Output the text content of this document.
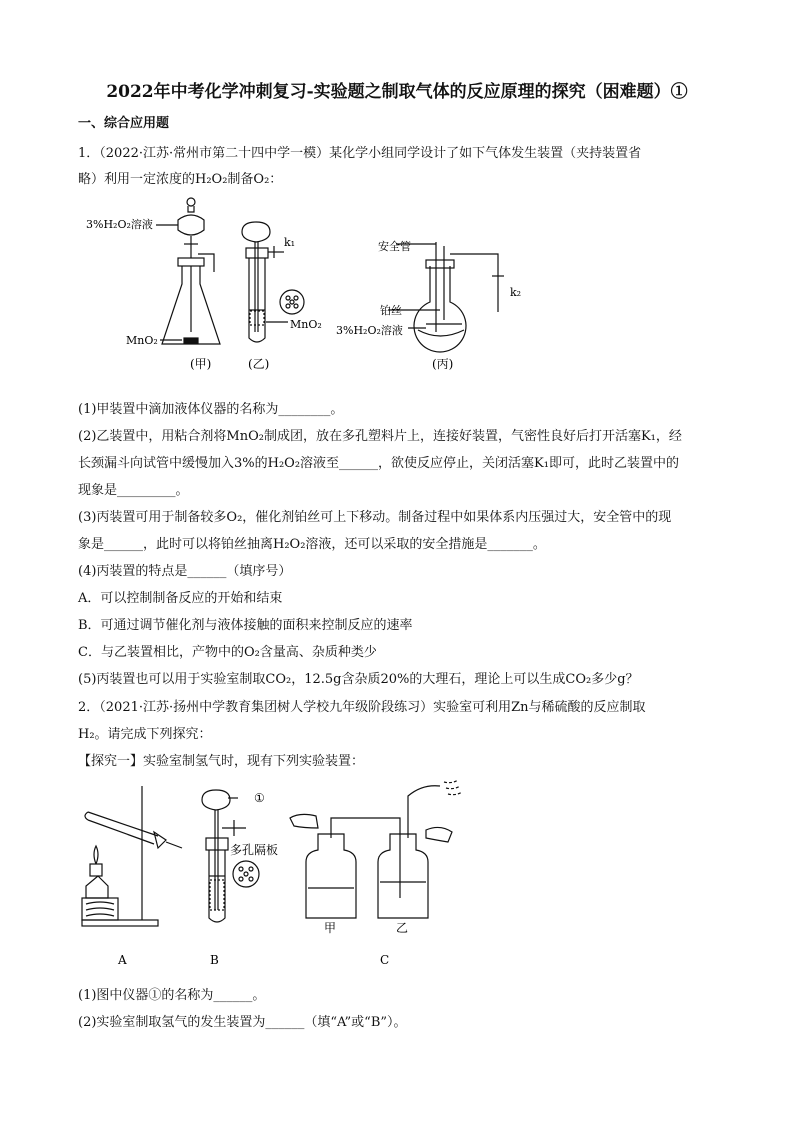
2022年中考化学冲刺复习-实验题之制取气体的反应原理的探究（困难题）①
一、综合应用题
1．（2022·江苏·常州市第二十四中学一模）某化学小组同学设计了如下气体发生装置（夹持装置省
略）利用一定浓度的H₂O₂制备O₂：
3%H₂O₂溶液
MnO₂
(甲)
k₁
MnO₂
(乙)
安全管
铂丝
3%H₂O₂溶液
k₂
(丙)
(1)甲装置中滴加液体仪器的名称为________。
(2)乙装置中，用粘合剂将MnO₂制成团，放在多孔塑料片上，连接好装置，气密性良好后打开活塞K₁，经
长颈漏斗向试管中缓慢加入3%的H₂O₂溶液至______，欲使反应停止，关闭活塞K₁即可，此时乙装置中的
现象是_________。
(3)丙装置可用于制备较多O₂，催化剂铂丝可上下移动。制备过程中如果体系内压强过大，安全管中的现
象是______，此时可以将铂丝抽离H₂O₂溶液，还可以采取的安全措施是_______。
(4)丙装置的特点是______（填序号）
A．可以控制制备反应的开始和结束
B．可通过调节催化剂与液体接触的面积来控制反应的速率
C．与乙装置相比，产物中的O₂含量高、杂质种类少
(5)丙装置也可以用于实验室制取CO₂，12.5g含杂质20%的大理石，理论上可以生成CO₂多少g？
2．（2021·江苏·扬州中学教育集团树人学校九年级阶段练习）实验室可利用Zn与稀硫酸的反应制取
H₂。请完成下列探究：
【探究一】实验室制氢气时，现有下列实验装置：
①
多孔隔板
甲	乙
A	B	C
(1)图中仪器①的名称为______。
(2)实验室制取氢气的发生装置为______（填“A”或“B”）。
